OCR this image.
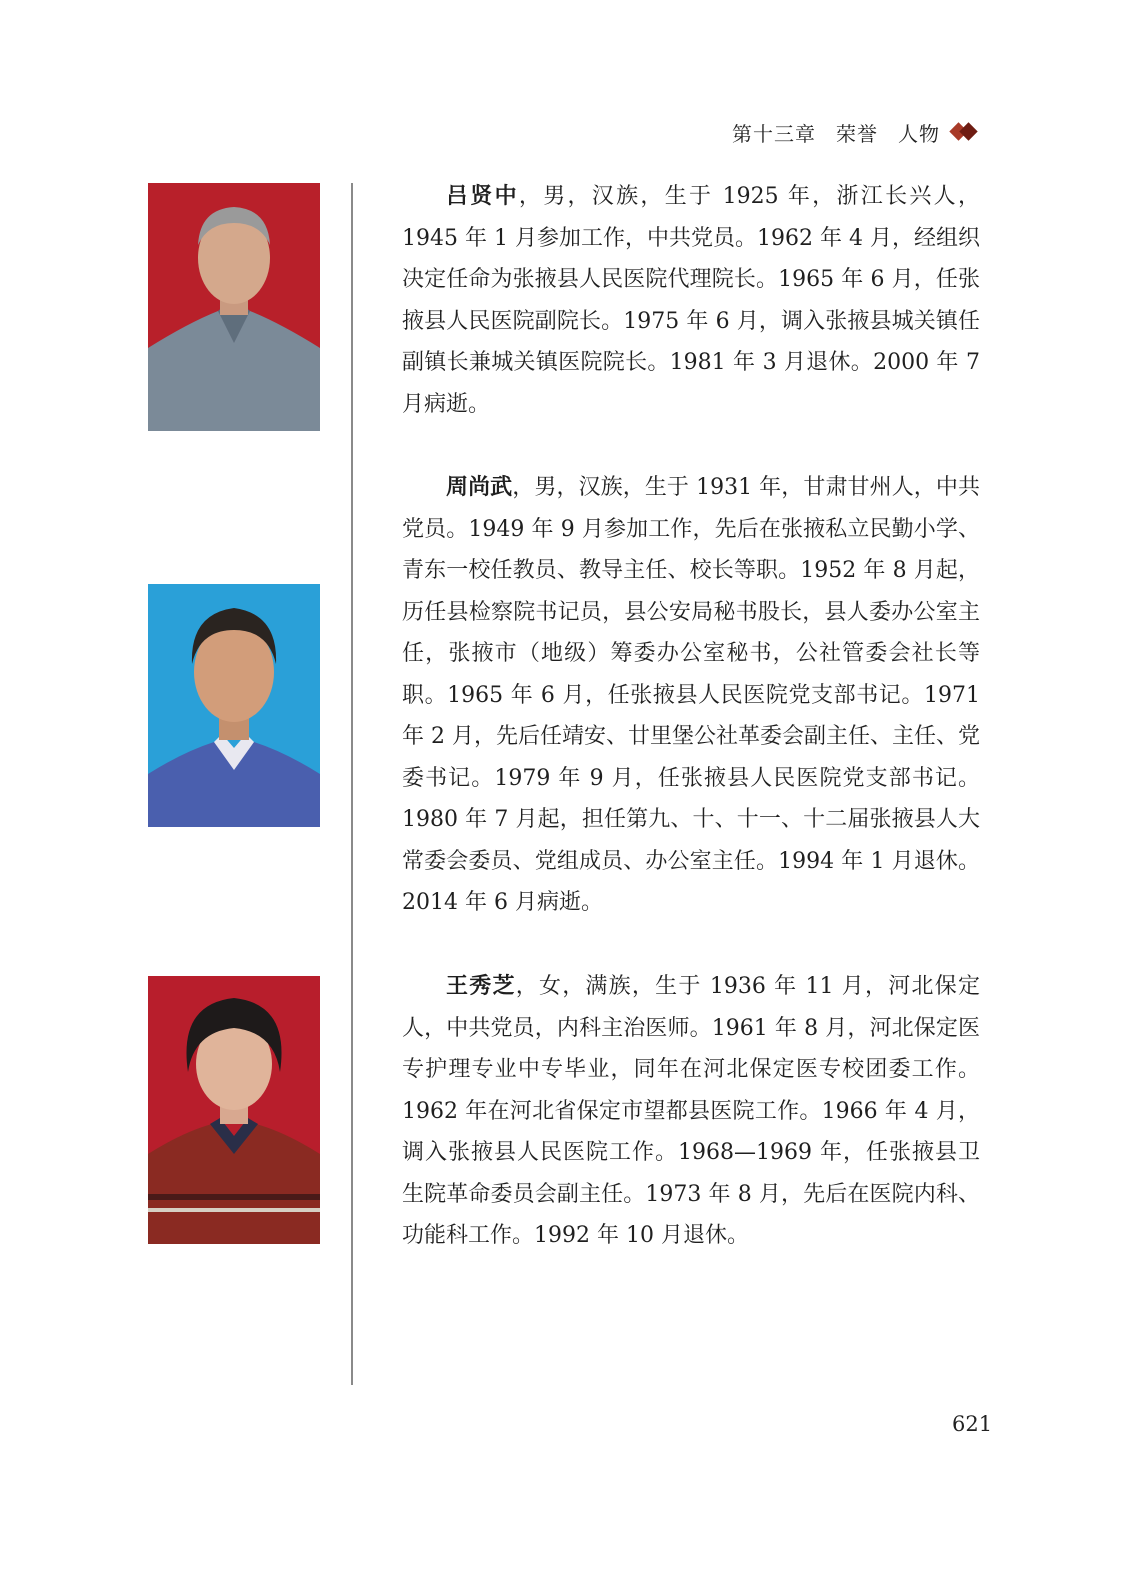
第十三章 荣誉 人物

吕贤中，男，汉族，生于 1925 年，浙江长兴人，1945 年 1 月参加工作，中共党员。1962 年 4 月，经组织决定任命为张掖县人民医院代理院长。1965 年 6 月，任张掖县人民医院副院长。1975 年 6 月，调入张掖县城关镇任副镇长兼城关镇医院院长。1981 年 3 月退休。2000 年 7 月病逝。

周尚武，男，汉族，生于 1931 年，甘肃甘州人，中共党员。1949 年 9 月参加工作，先后在张掖私立民勤小学、青东一校任教员、教导主任、校长等职。1952 年 8 月起，历任县检察院书记员，县公安局秘书股长，县人委办公室主任，张掖市（地级）筹委办公室秘书，公社管委会社长等职。1965 年 6 月，任张掖县人民医院党支部书记。1971 年 2 月，先后任靖安、廿里堡公社革委会副主任、主任、党委书记。1979 年 9 月，任张掖县人民医院党支部书记。1980 年 7 月起，担任第九、十、十一、十二届张掖县人大常委会委员、党组成员、办公室主任。1994 年 1 月退休。2014 年 6 月病逝。

王秀芝，女，满族，生于 1936 年 11 月，河北保定人，中共党员，内科主治医师。1961 年 8 月，河北保定医专护理专业中专毕业，同年在河北保定医专校团委工作。1962 年在河北省保定市望都县医院工作。1966 年 4 月，调入张掖县人民医院工作。1968—1969 年，任张掖县卫生院革命委员会副主任。1973 年 8 月，先后在医院内科、功能科工作。1992 年 10 月退休。

621
